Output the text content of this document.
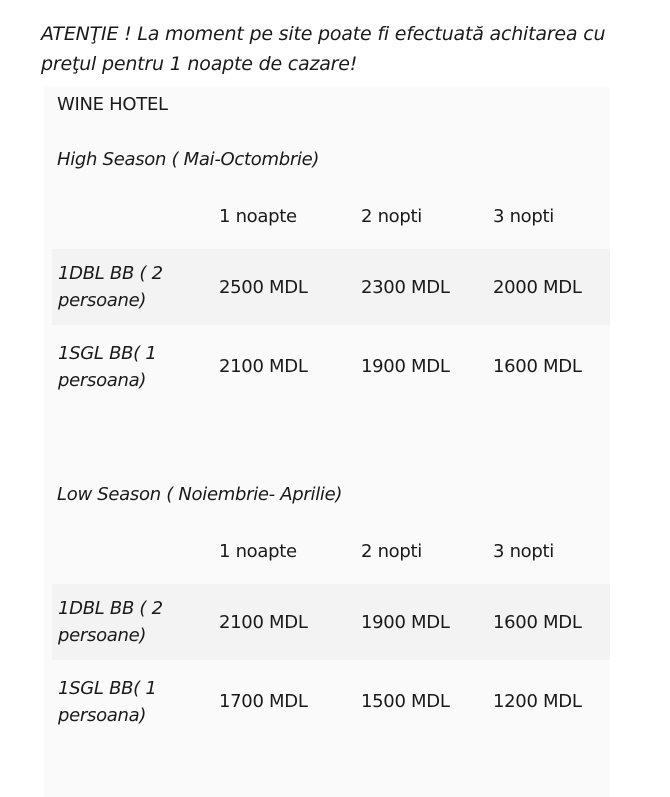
ATENŢIE ! La moment pe site poate fi efectuată achitarea cu
preţul pentru 1 noapte de cazare!

WINE HOTEL

High Season ( Mai-Octombrie)

	1 noapte	2 nopti	3 nopti

1DBL BB ( 2 persoane)	2500 MDL	2300 MDL	2000 MDL

1SGL BB( 1 persoana)	2100 MDL	1900 MDL	1600 MDL

Low Season ( Noiembrie- Aprilie)

	1 noapte	2 nopti	3 nopti

1DBL BB ( 2 persoane)	2100 MDL	1900 MDL	1600 MDL

1SGL BB( 1 persoana)	1700 MDL	1500 MDL	1200 MDL
